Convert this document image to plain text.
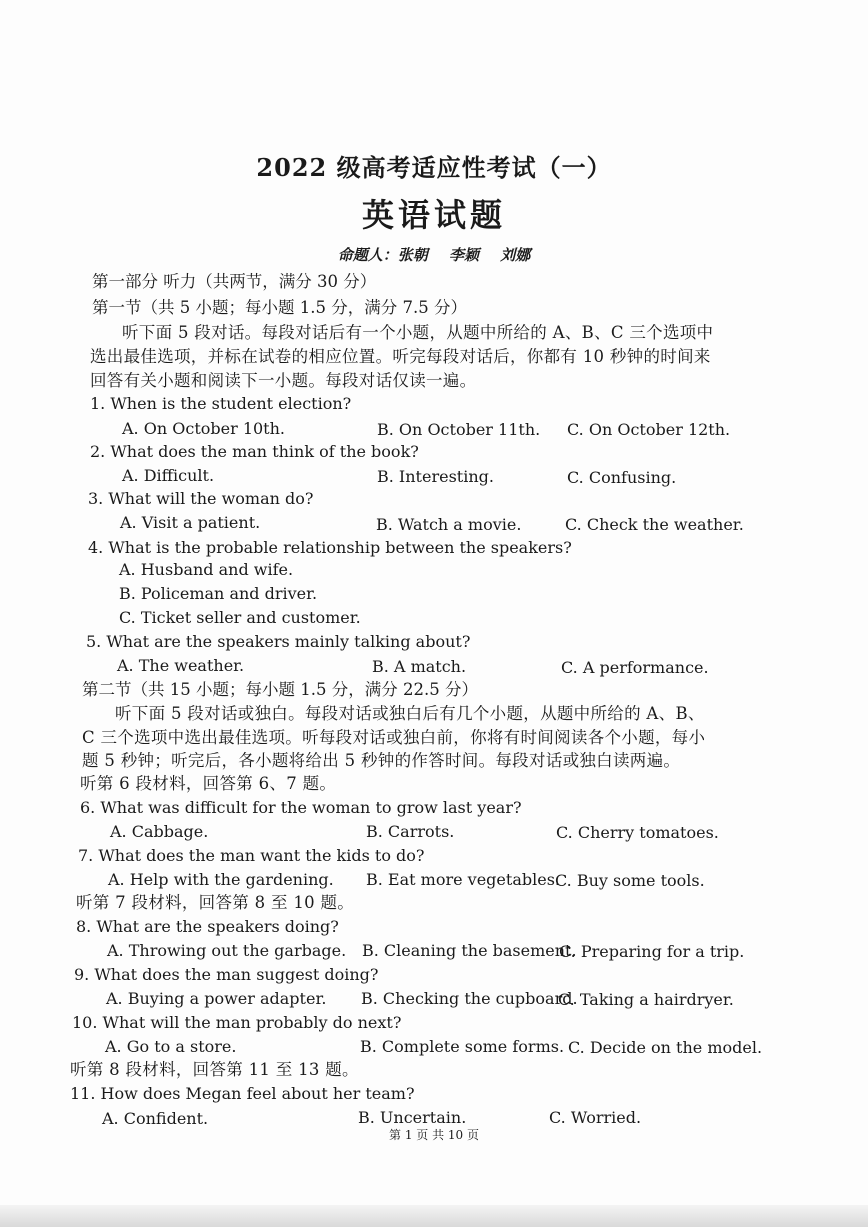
2022 级高考适应性考试（一）
英语试题
命题人：张朝 李颖 刘娜
第一部分 听力（共两节，满分 30 分）
第一节（共 5 小题；每小题 1.5 分，满分 7.5 分）
听下面 5 段对话。每段对话后有一个小题，从题中所给的 A、B、C 三个选项中
选出最佳选项，并标在试卷的相应位置。听完每段对话后，你都有 10 秒钟的时间来
回答有关小题和阅读下一小题。每段对话仅读一遍。
1. When is the student election?
A. On October 10th.	B. On October 11th. C. On October 12th.
2. What does the man think of the book?
A. Difficult.	B. Interesting.	C. Confusing.
3. What will the woman do?
A. Visit a patient.	B. Watch a movie.	C. Check the weather.
4. What is the probable relationship between the speakers?
A. Husband and wife.
B. Policeman and driver.
C. Ticket seller and customer.
5. What are the speakers mainly talking about?
A. The weather.	B. A match.	C. A performance.
第二节（共 15 小题；每小题 1.5 分，满分 22.5 分）
听下面 5 段对话或独白。每段对话或独白后有几个小题，从题中所给的 A、B、
C 三个选项中选出最佳选项。听每段对话或独白前，你将有时间阅读各个小题，每小
题 5 秒钟；听完后，各小题将给出 5 秒钟的作答时间。每段对话或独白读两遍。
听第 6 段材料，回答第 6、7 题。
6. What was difficult for the woman to grow last year?
A. Cabbage.	B. Carrots.	C. Cherry tomatoes.
7. What does the man want the kids to do?
A. Help with the gardening. B. Eat more vegetables.
C. Buy some tools.
听第 7 段材料，回答第 8 至 10 题。
8. What are the speakers doing?
A. Throwing out the garbage. B. Cleaning the basement.
C. Preparing for a trip.
9. What does the man suggest doing?
A. Buying a power adapter. B. Checking the cupboard.
C. Taking a hairdryer.
10. What will the man probably do next?
A. Go to a store.	B. Complete some forms. C. Decide on the model.
听第 8 段材料，回答第 11 至 13 题。
11. How does Megan feel about her team?
A. Confident.	B. Uncertain.	C. Worried.
第 1 页 共 10 页
